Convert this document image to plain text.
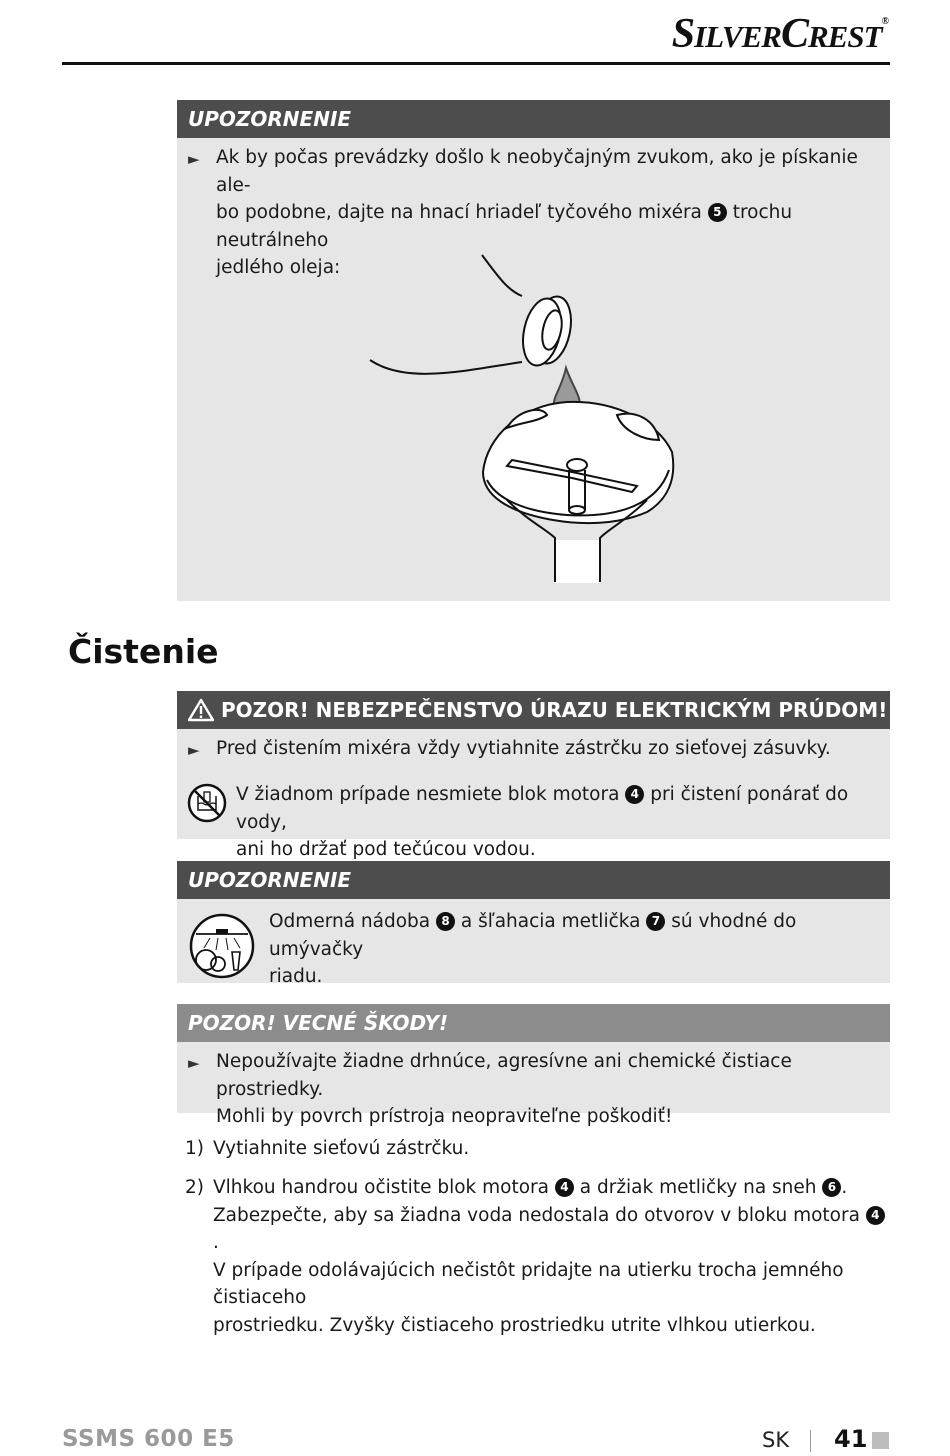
SILVERCREST®
UPOZORNENIE
► Ak by počas prevádzky došlo k neobyčajným zvukom, ako je pískanie ale-
bo podobne, dajte na hnací hriadeľ tyčového mixéra 5 trochu neutrálneho
jedlého oleja:
Čistenie
POZOR! NEBEZPEČENSTVO ÚRAZU ELEKTRICKÝM PRÚDOM!
► Pred čistením mixéra vždy vytiahnite zástrčku zo sieťovej zásuvky.
V žiadnom prípade nesmiete blok motora 4 pri čistení ponárať do vody,
ani ho držať pod tečúcou vodou.
UPOZORNENIE
Odmerná nádoba 8 a šľahacia metlička 7 sú vhodné do umývačky
riadu.
POZOR! VECNÉ ŠKODY!
► Nepoužívajte žiadne drhnúce, agresívne ani chemické čistiace prostriedky.
Mohli by povrch prístroja neopraviteľne poškodiť!
1) Vytiahnite sieťovú zástrčku.
2) Vlhkou handrou očistite blok motora 4 a držiak metličky na sneh 6 .
Zabezpečte, aby sa žiadna voda nedostala do otvorov v bloku motora 4.
V prípade odolávajúcich nečistôt pridajte na utierku trocha jemného čistiaceho
prostriedku. Zvyšky čistiaceho prostriedku utrite vlhkou utierkou.
SSMS 600 E5	SK 41
